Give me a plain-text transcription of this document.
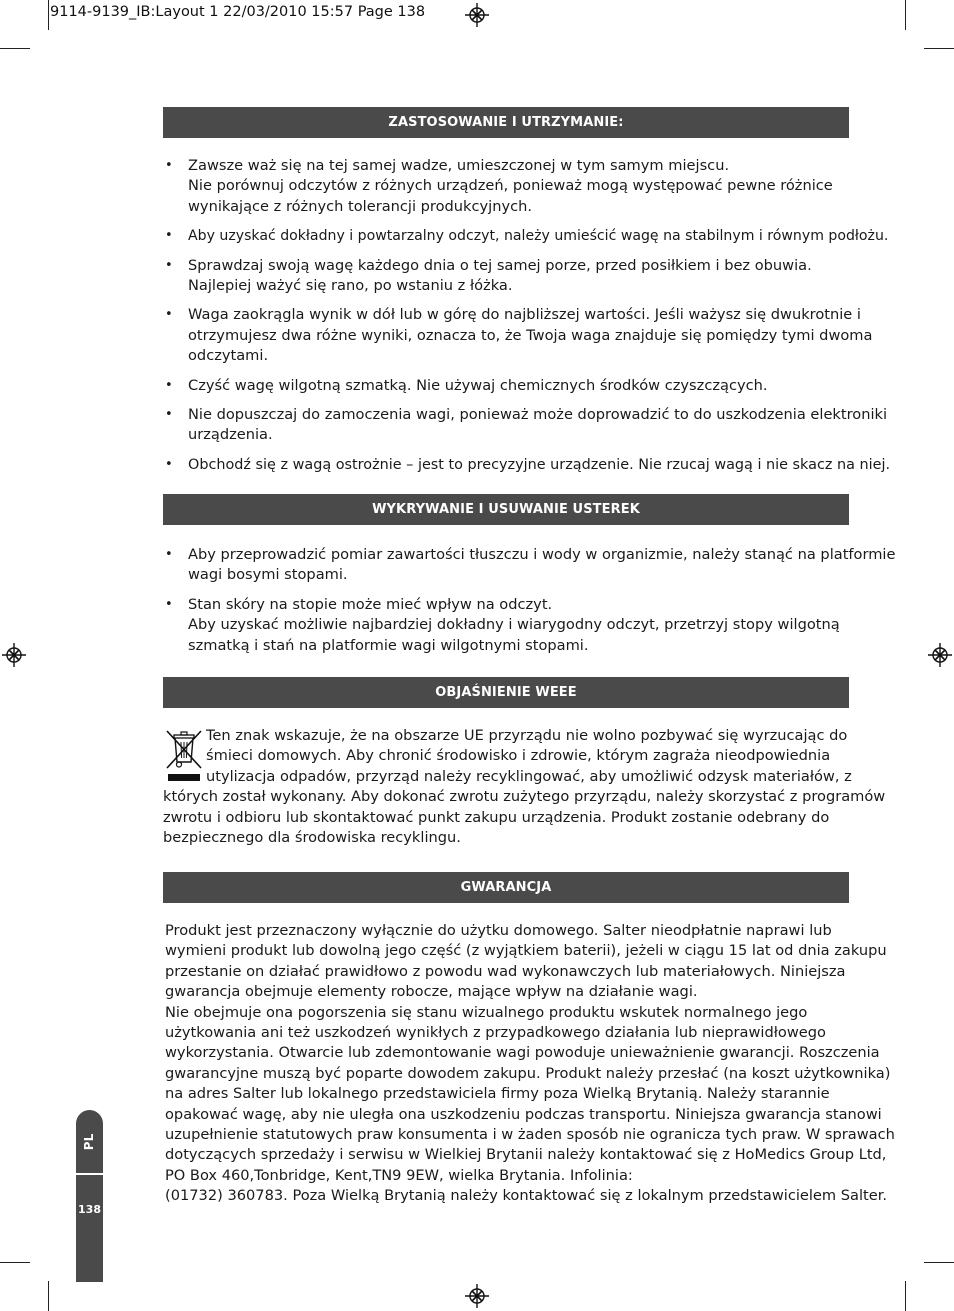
9114-9139_IB:Layout 1 22/03/2010 15:57 Page 138
ZASTOSOWANIE I UTRZYMANIE:
• Zawsze waż się na tej samej wadze, umieszczonej w tym samym miejscu.
Nie porównuj odczytów z różnych urządzeń, ponieważ mogą występować pewne różnice
wynikające z różnych tolerancji produkcyjnych.
• Aby uzyskać dokładny i powtarzalny odczyt, należy umieścić wagę na stabilnym i równym podłożu.
• Sprawdzaj swoją wagę każdego dnia o tej samej porze, przed posiłkiem i bez obuwia.
Najlepiej ważyć się rano, po wstaniu z łóżka.
• Waga zaokrągla wynik w dół lub w górę do najbliższej wartości. Jeśli ważysz się dwukrotnie i
otrzymujesz dwa różne wyniki, oznacza to, że Twoja waga znajduje się pomiędzy tymi dwoma
odczytami.
• Czyść wagę wilgotną szmatką. Nie używaj chemicznych środków czyszczących.
• Nie dopuszczaj do zamoczenia wagi, ponieważ może doprowadzić to do uszkodzenia elektroniki
urządzenia.
• Obchodź się z wagą ostrożnie – jest to precyzyjne urządzenie. Nie rzucaj wagą i nie skacz na niej.
WYKRYWANIE I USUWANIE USTEREK
• Aby przeprowadzić pomiar zawartości tłuszczu i wody w organizmie, należy stanąć na platformie
wagi bosymi stopami.
• Stan skóry na stopie może mieć wpływ na odczyt.
Aby uzyskać możliwie najbardziej dokładny i wiarygodny odczyt, przetrzyj stopy wilgotną
szmatką i stań na platformie wagi wilgotnymi stopami.
OBJAŚNIENIE WEEE
Ten znak wskazuje, że na obszarze UE przyrządu nie wolno pozbywać się wyrzucając do
śmieci domowych. Aby chronić środowisko i zdrowie, którym zagraża nieodpowiednia
utylizacja odpadów, przyrząd należy recyklingować, aby umożliwić odzysk materiałów, z
których został wykonany. Aby dokonać zwrotu zużytego przyrządu, należy skorzystać z programów
zwrotu i odbioru lub skontaktować punkt zakupu urządzenia. Produkt zostanie odebrany do
bezpiecznego dla środowiska recyklingu.
GWARANCJA
Produkt jest przeznaczony wyłącznie do użytku domowego. Salter nieodpłatnie naprawi lub
wymieni produkt lub dowolną jego część (z wyjątkiem baterii), jeżeli w ciągu 15 lat od dnia zakupu
przestanie on działać prawidłowo z powodu wad wykonawczych lub materiałowych. Niniejsza
gwarancja obejmuje elementy robocze, mające wpływ na działanie wagi.
Nie obejmuje ona pogorszenia się stanu wizualnego produktu wskutek normalnego jego
użytkowania ani też uszkodzeń wynikłych z przypadkowego działania lub nieprawidłowego
wykorzystania. Otwarcie lub zdemontowanie wagi powoduje unieważnienie gwarancji. Roszczenia
gwarancyjne muszą być poparte dowodem zakupu. Produkt należy przesłać (na koszt użytkownika)
na adres Salter lub lokalnego przedstawiciela firmy poza Wielką Brytanią. Należy starannie
opakować wagę, aby nie uległa ona uszkodzeniu podczas transportu. Niniejsza gwarancja stanowi
uzupełnienie statutowych praw konsumenta i w żaden sposób nie ogranicza tych praw. W sprawach
dotyczących sprzedaży i serwisu w Wielkiej Brytanii należy kontaktować się z HoMedics Group Ltd,
PO Box 460,Tonbridge, Kent,TN9 9EW, wielka Brytania. Infolinia:
(01732) 360783. Poza Wielką Brytanią należy kontaktować się z lokalnym przedstawicielem Salter.
PL
138
